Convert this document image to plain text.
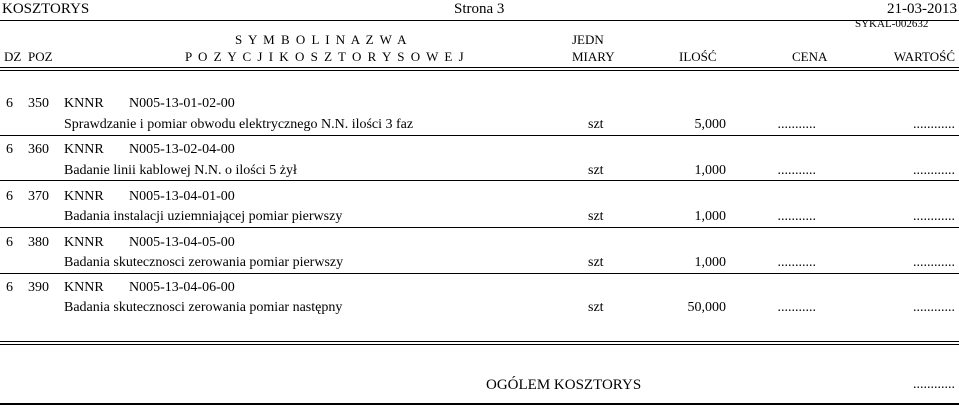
KOSZTORYS	Strona 3	21-03-2013
SYKAL-002632
S Y M B O L I N A Z W A	JEDN
DZ POZ	P O Z Y C J I K O S Z T O R Y S O W E J	MIARY	ILOŚĆ	CENA	WARTOŚĆ
6 350 KNNR N005-13-01-02-00
Sprawdzanie i pomiar obwodu elektrycznego N.N. ilości 3 faz	szt	5,000	...........	............
6 360 KNNR N005-13-02-04-00
Badanie linii kablowej N.N. o ilości 5 żył	szt	1,000	...........	............
6 370 KNNR N005-13-04-01-00
Badania instalacji uziemniającej pomiar pierwszy	szt	1,000	...........	............
6 380 KNNR N005-13-04-05-00
Badania skutecznosci zerowania pomiar pierwszy	szt	1,000	...........	............
6 390 KNNR N005-13-04-06-00
Badania skutecznosci zerowania pomiar następny	szt	50,000	...........	............
OGÓLEM KOSZTORYS	............
